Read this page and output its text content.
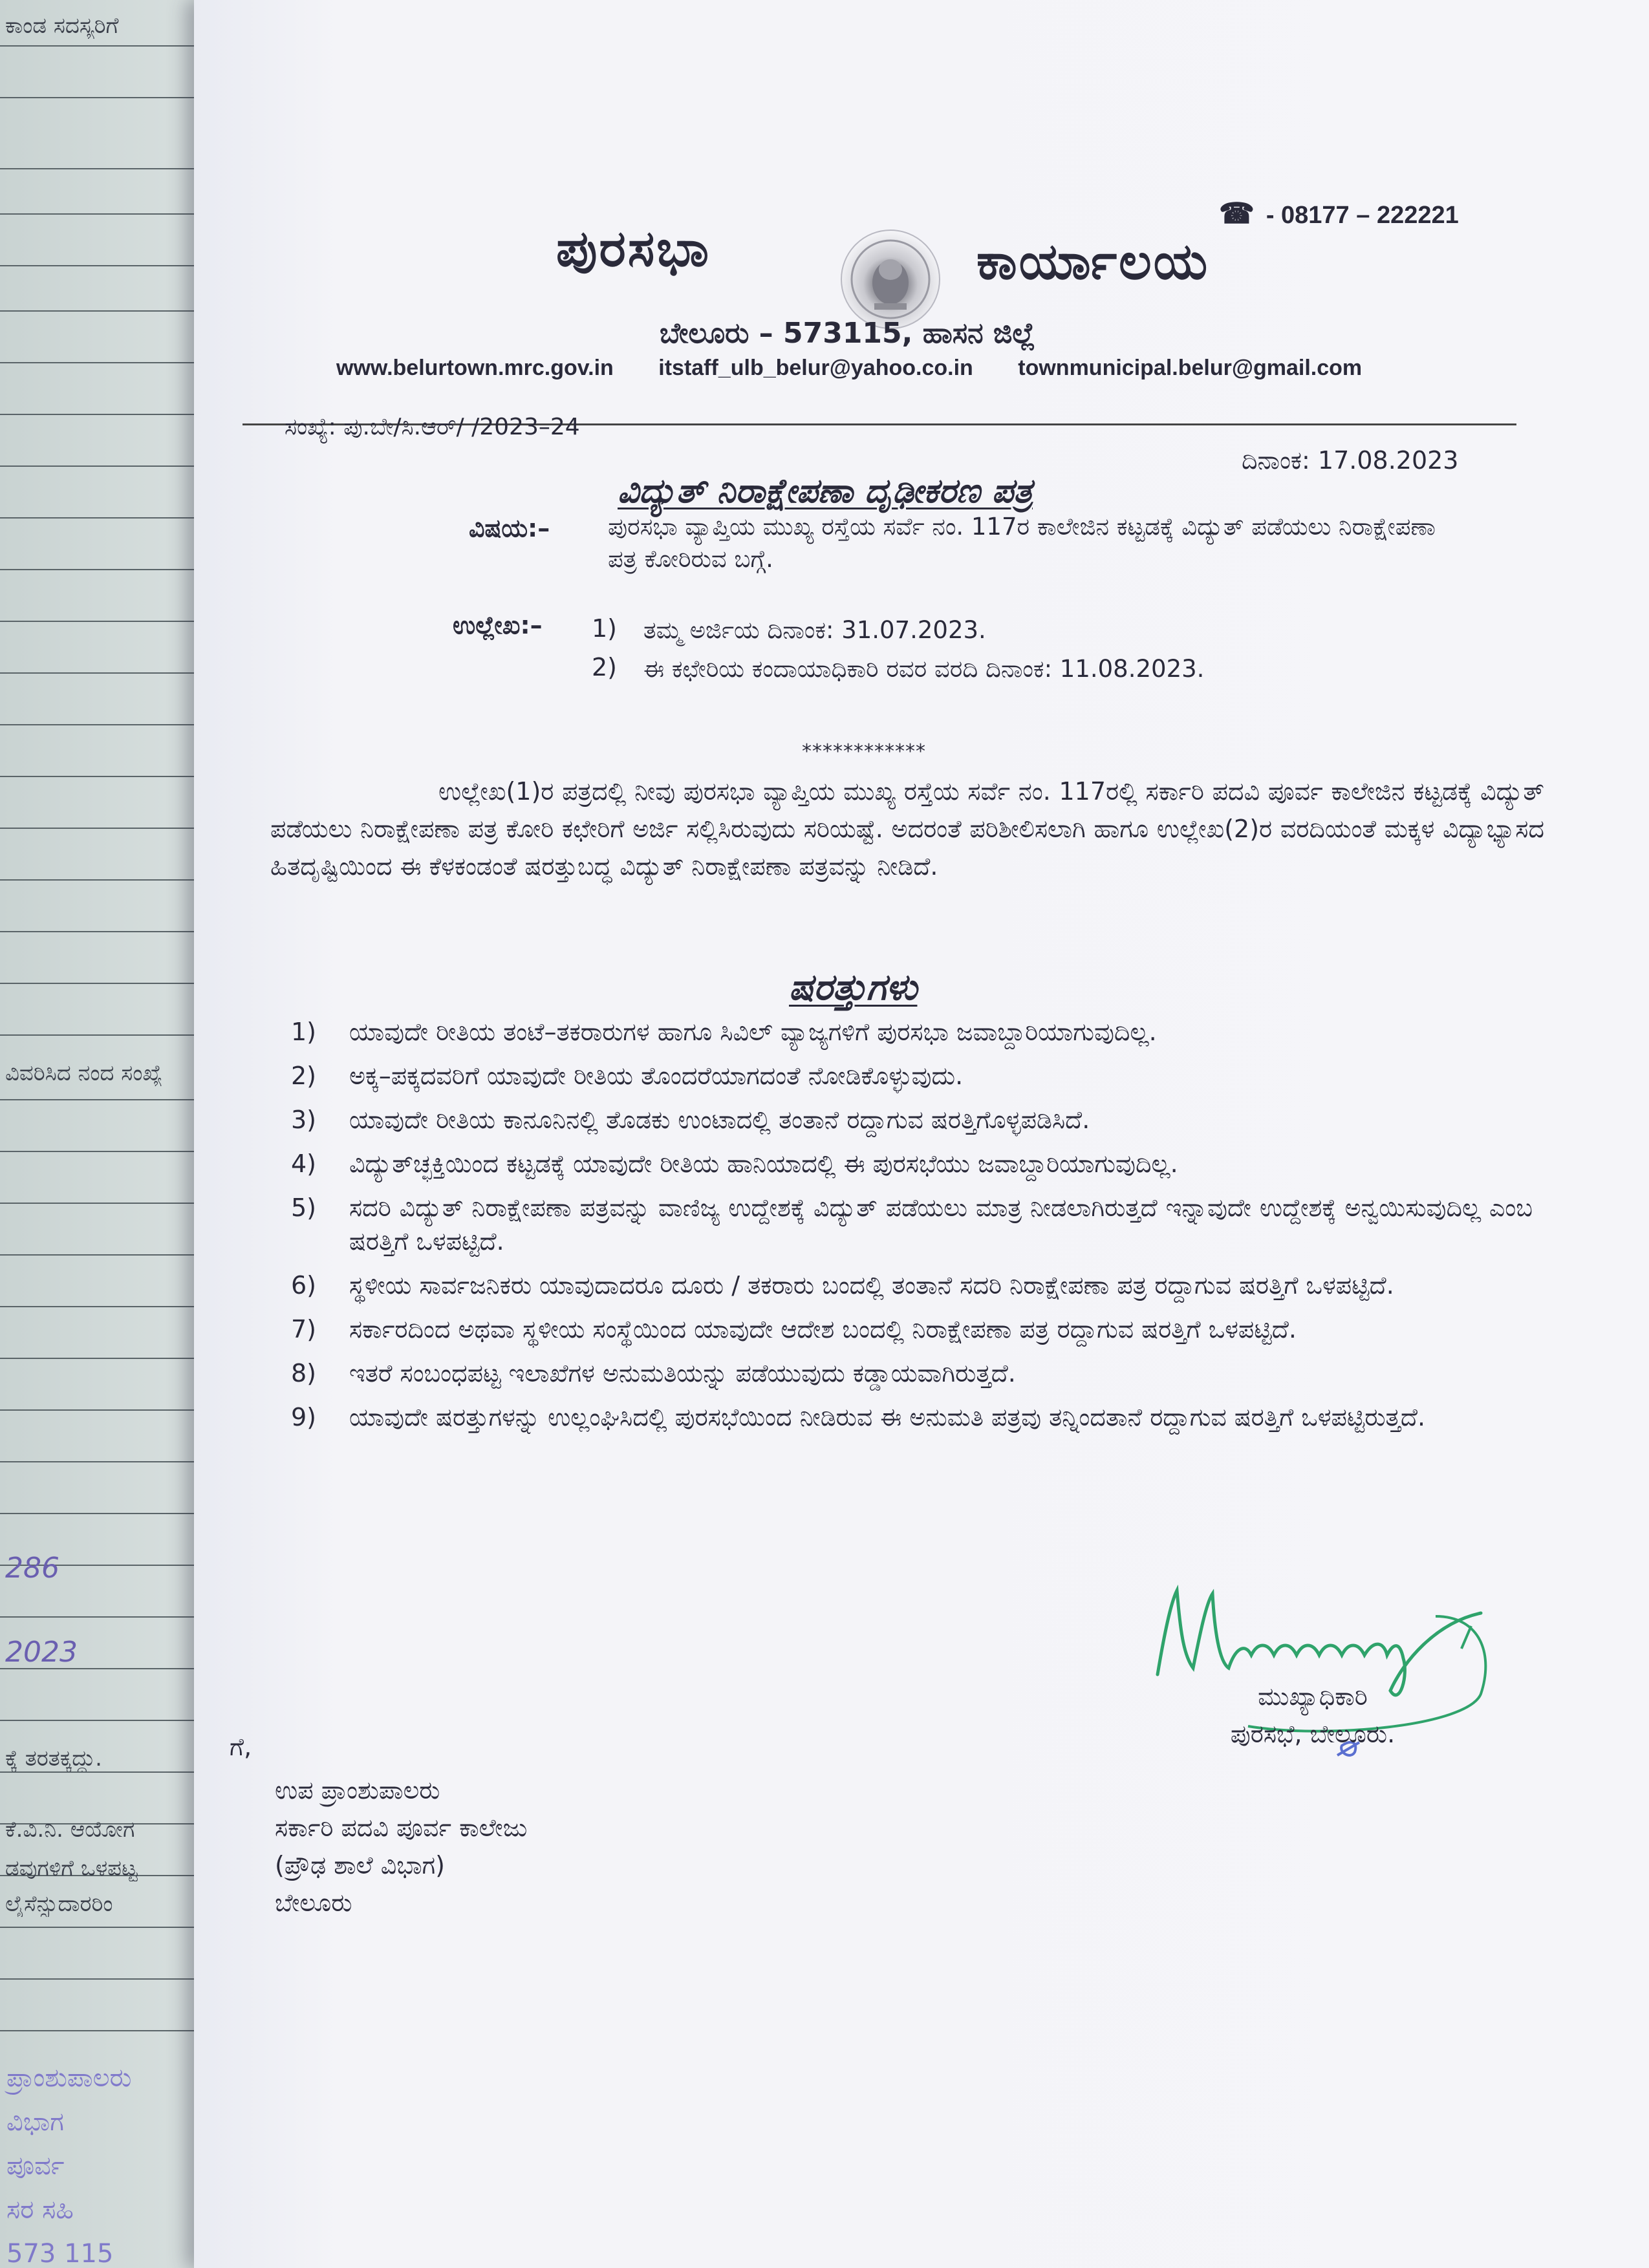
ಕಾಂಡ ಸದಸ್ಯರಿಗೆ
ವಿವರಿಸಿದ ನಂದ ಸಂಖ್ಯೆ
286
2023
ಕ್ಕೆ ತರತಕ್ಕದ್ದು.
ಕೆ.ವಿ.ನಿ. ಆಯೋಗ
ಡವುಗಳಿಗೆ ಒಳಪಟ್ಟ
ಲೈಸೆನ್ಸುದಾರರಿಂ
ಪ್ರಾಂಶುಪಾಲರು
ವಿಭಾಗ
ಪೂರ್ವ
ಸರ ಸಹಿ
573 115
☎ - 08177 – 222221
ಪುರಸಭಾ	ಕಾರ್ಯಾಲಯ
ಬೇಲೂರು – 573115, ಹಾಸನ ಜಿಲ್ಲೆ
www.belurtown.mrc.gov.in itstaff_ulb_belur@yahoo.co.in townmunicipal.belur@gmail.com
ಸಂಖ್ಯೆ: ಪು.ಬೇ/ಸಿ.ಆರ್/ /2023–24
ದಿನಾಂಕ: 17.08.2023
ವಿದ್ಯುತ್ ನಿರಾಕ್ಷೇಪಣಾ ದೃಢೀಕರಣ ಪತ್ರ
ವಿಷಯ:– ಪುರಸಭಾ ವ್ಯಾಪ್ತಿಯ ಮುಖ್ಯ ರಸ್ತೆಯ ಸರ್ವೆ ನಂ. 117ರ ಕಾಲೇಜಿನ ಕಟ್ಟಡಕ್ಕೆ ವಿದ್ಯುತ್ ಪಡೆಯಲು ನಿರಾಕ್ಷೇಪಣಾ ಪತ್ರ ಕೋರಿರುವ ಬಗ್ಗೆ.
ಉಲ್ಲೇಖ:– 1) ತಮ್ಮ ಅರ್ಜಿಯ ದಿನಾಂಕ: 31.07.2023.
2) ಈ ಕಛೇರಿಯ ಕಂದಾಯಾಧಿಕಾರಿ ರವರ ವರದಿ ದಿನಾಂಕ: 11.08.2023.
************
ಉಲ್ಲೇಖ(1)ರ ಪತ್ರದಲ್ಲಿ ನೀವು ಪುರಸಭಾ ವ್ಯಾಪ್ತಿಯ ಮುಖ್ಯ ರಸ್ತೆಯ ಸರ್ವೆ ನಂ. 117ರಲ್ಲಿ ಸರ್ಕಾರಿ ಪದವಿ ಪೂರ್ವ ಕಾಲೇಜಿನ ಕಟ್ಟಡಕ್ಕೆ ವಿದ್ಯುತ್ ಪಡೆಯಲು ನಿರಾಕ್ಷೇಪಣಾ ಪತ್ರ ಕೋರಿ ಕಛೇರಿಗೆ ಅರ್ಜಿ ಸಲ್ಲಿಸಿರುವುದು ಸರಿಯಷ್ಟೆ. ಅದರಂತೆ ಪರಿಶೀಲಿಸಲಾಗಿ ಹಾಗೂ ಉಲ್ಲೇಖ(2)ರ ವರದಿಯಂತೆ ಮಕ್ಕಳ ವಿದ್ಯಾಭ್ಯಾಸದ ಹಿತದೃಷ್ಟಿಯಿಂದ ಈ ಕೆಳಕಂಡಂತೆ ಷರತ್ತುಬದ್ಧ ವಿದ್ಯುತ್ ನಿರಾಕ್ಷೇಪಣಾ ಪತ್ರವನ್ನು ನೀಡಿದೆ.
ಷರತ್ತುಗಳು
1)	ಯಾವುದೇ ರೀತಿಯ ತಂಟೆ–ತಕರಾರುಗಳ ಹಾಗೂ ಸಿವಿಲ್ ವ್ಯಾಜ್ಯಗಳಿಗೆ ಪುರಸಭಾ ಜವಾಬ್ದಾರಿಯಾಗುವುದಿಲ್ಲ.
2)	ಅಕ್ಕ–ಪಕ್ಕದವರಿಗೆ ಯಾವುದೇ ರೀತಿಯ ತೊಂದರೆಯಾಗದಂತೆ ನೋಡಿಕೊಳ್ಳುವುದು.
3)	ಯಾವುದೇ ರೀತಿಯ ಕಾನೂನಿನಲ್ಲಿ ತೊಡಕು ಉಂಟಾದಲ್ಲಿ ತಂತಾನೆ ರದ್ದಾಗುವ ಷರತ್ತಿಗೊಳ್ಳಪಡಿಸಿದೆ.
4)	ವಿದ್ಯುತ್‌ಚ್ಛಕ್ತಿಯಿಂದ ಕಟ್ಟಡಕ್ಕೆ ಯಾವುದೇ ರೀತಿಯ ಹಾನಿಯಾದಲ್ಲಿ ಈ ಪುರಸಭೆಯು ಜವಾಬ್ದಾರಿಯಾಗುವುದಿಲ್ಲ.
5)	ಸದರಿ ವಿದ್ಯುತ್ ನಿರಾಕ್ಷೇಪಣಾ ಪತ್ರವನ್ನು ವಾಣಿಜ್ಯ ಉದ್ದೇಶಕ್ಕೆ ವಿದ್ಯುತ್ ಪಡೆಯಲು ಮಾತ್ರ ನೀಡಲಾಗಿರುತ್ತದೆ ಇನ್ನಾವುದೇ ಉದ್ದೇಶಕ್ಕೆ ಅನ್ವಯಿಸುವುದಿಲ್ಲ ಎಂಬ ಷರತ್ತಿಗೆ ಒಳಪಟ್ಟಿದೆ.
6)	ಸ್ಥಳೀಯ ಸಾರ್ವಜನಿಕರು ಯಾವುದಾದರೂ ದೂರು / ತಕರಾರು ಬಂದಲ್ಲಿ ತಂತಾನೆ ಸದರಿ ನಿರಾಕ್ಷೇಪಣಾ ಪತ್ರ ರದ್ದಾಗುವ ಷರತ್ತಿಗೆ ಒಳಪಟ್ಟಿದೆ.
7)	ಸರ್ಕಾರದಿಂದ ಅಥವಾ ಸ್ಥಳೀಯ ಸಂಸ್ಥೆಯಿಂದ ಯಾವುದೇ ಆದೇಶ ಬಂದಲ್ಲಿ ನಿರಾಕ್ಷೇಪಣಾ ಪತ್ರ ರದ್ದಾಗುವ ಷರತ್ತಿಗೆ ಒಳಪಟ್ಟಿದೆ.
8)	ಇತರೆ ಸಂಬಂಧಪಟ್ಟ ಇಲಾಖೆಗಳ ಅನುಮತಿಯನ್ನು ಪಡೆಯುವುದು ಕಡ್ಡಾಯವಾಗಿರುತ್ತದೆ.
9)	ಯಾವುದೇ ಷರತ್ತುಗಳನ್ನು ಉಲ್ಲಂಘಿಸಿದಲ್ಲಿ ಪುರಸಭೆಯಿಂದ ನೀಡಿರುವ ಈ ಅನುಮತಿ ಪತ್ರವು ತನ್ನಿಂದತಾನೆ ರದ್ದಾಗುವ ಷರತ್ತಿಗೆ ಒಳಪಟ್ಟಿರುತ್ತದೆ.
ಮುಖ್ಯಾಧಿಕಾರಿ
ಪುರಸಭೆ, ಬೇಲೂರು.
ಗೆ,
ಉಪ ಪ್ರಾಂಶುಪಾಲರು
ಸರ್ಕಾರಿ ಪದವಿ ಪೂರ್ವ ಕಾಲೇಜು
(ಪ್ರೌಢ ಶಾಲೆ ವಿಭಾಗ)
ಬೇಲೂರು
